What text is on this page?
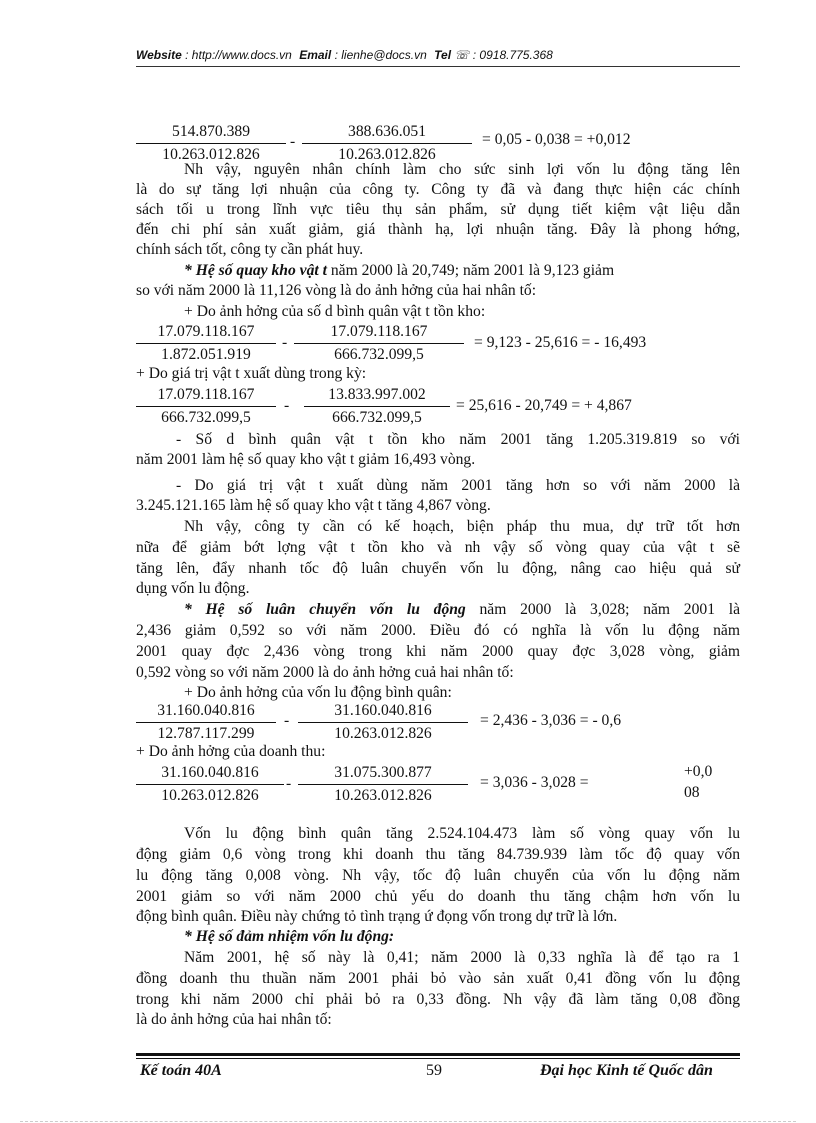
Website : http://www.docs.vn Email : lienhe@docs.vn Tel ☏ : 0918.775.368
$\frac{514.870.389}{10.263.012.826} - \frac{388.636.051}{10.263.012.826} = 0,05 - 0,038 = +0,012$
Nh vậy, nguyên nhân chính làm cho sức sinh lợi vốn lu động tăng lên
là do sự tăng lợi nhuận của công ty. Công ty đã và đang thực hiện các chính
sách tối u trong lĩnh vực tiêu thụ sản phẩm, sử dụng tiết kiệm vật liệu dẫn
đến chi phí sản xuất giảm, giá thành hạ, lợi nhuận tăng. Đây là phong hớng,
chính sách tốt, công ty cần phát huy.
* Hệ số quay kho vật t năm 2000 là 20,749; năm 2001 là 9,123 giảm
so với năm 2000 là 11,126 vòng là do ảnh hởng của hai nhân tố:
+ Do ảnh hởng của số d bình quân vật t tồn kho:
$\frac{17.079.118.167}{1.872.051.919} - \frac{17.079.118.167}{666.732.099,5} = 9,123 - 25,616$ = - 16,493
+ Do giá trị vật t xuất dùng trong kỳ:
$\frac{17.079.118.167}{666.732.099,5} - \frac{13.833.997.002}{666.732.099,5} = 25,616 - 20,749$ = + 4,867
- Số d bình quân vật t tồn kho năm 2001 tăng 1.205.319.819 so với
năm 2001 làm hệ số quay kho vật t giảm 16,493 vòng.
- Do giá trị vật t xuất dùng năm 2001 tăng hơn so với năm 2000 là
3.245.121.165 làm hệ số quay kho vật t tăng 4,867 vòng.
Nh vậy, công ty cần có kế hoạch, biện pháp thu mua, dự trữ tốt hơn
nữa để giảm bớt lợng vật t tồn kho và nh vậy số vòng quay của vật t sẽ
tăng lên, đẩy nhanh tốc độ luân chuyển vốn lu động, nâng cao hiệu quả sử
dụng vốn lu động.
* Hệ số luân chuyển vốn lu động năm 2000 là 3,028; năm 2001 là
2,436 giảm 0,592 so với năm 2000. Điều đó có nghĩa là vốn lu động năm
2001 quay đợc 2,436 vòng trong khi năm 2000 quay đợc 3,028 vòng, giảm
0,592 vòng so với năm 2000 là do ảnh hởng cuả hai nhân tố:
+ Do ảnh hởng của vốn lu động bình quân:
$\frac{31.160.040.816}{12.787.117.299} - \frac{31.160.040.816}{10.263.012.826} = 2,436 - 3,036$ = - 0,6
+ Do ảnh hởng của doanh thu:
$\frac{31.160.040.816}{10.263.012.826} - \frac{31.075.300.877}{10.263.012.826} = 3,036 - 3,028$ =
+0,0
08
Vốn lu động bình quân tăng 2.524.104.473 làm số vòng quay vốn lu
động giảm 0,6 vòng trong khi doanh thu tăng 84.739.939 làm tốc độ quay vốn
lu động tăng 0,008 vòng. Nh vậy, tốc độ luân chuyển của vốn lu động năm
2001 giảm so với năm 2000 chủ yếu do doanh thu tăng chậm hơn vốn lu
động bình quân. Điều này chứng tỏ tình trạng ứ đọng vốn trong dự trữ là lớn.
* Hệ số đảm nhiệm vốn lu động:
Năm 2001, hệ số này là 0,41; năm 2000 là 0,33 nghĩa là để tạo ra 1
đồng doanh thu thuần năm 2001 phải bỏ vào sản xuất 0,41 đồng vốn lu động
trong khi năm 2000 chỉ phải bỏ ra 0,33 đồng. Nh vậy đã làm tăng 0,08 đồng
là do ảnh hởng của hai nhân tố:
Kế toán 40A	59	Đại học Kinh tế Quốc dân
